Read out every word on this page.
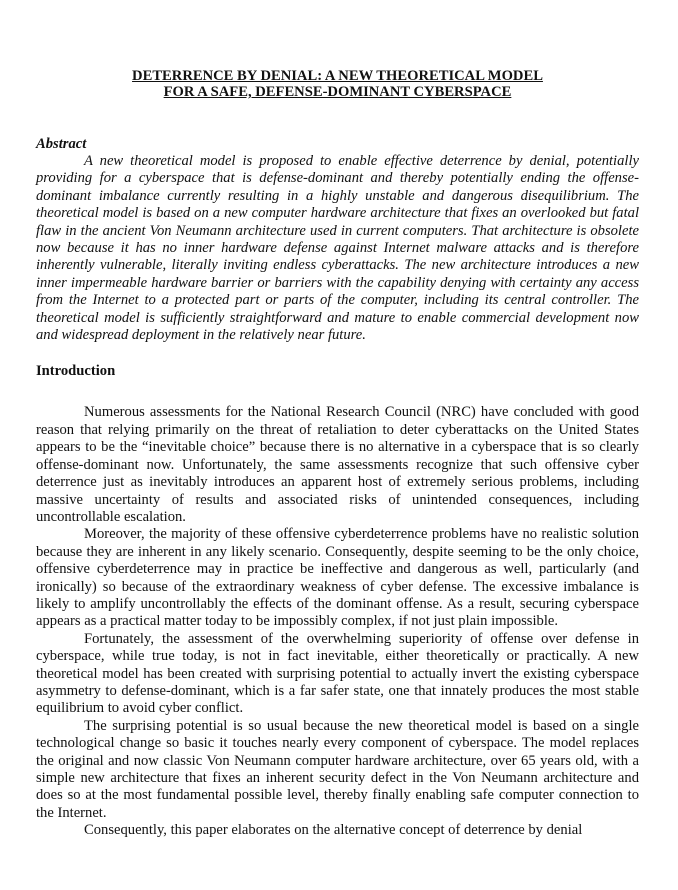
DETERRENCE BY DENIAL: A NEW THEORETICAL MODEL
FOR A SAFE, DEFENSE-DOMINANT CYBERSPACE
Abstract

A new theoretical model is proposed to enable effective deterrence by denial, potentially providing for a cyberspace that is defense-dominant and thereby potentially ending the offense-dominant imbalance currently resulting in a highly unstable and dangerous disequilibrium. The theoretical model is based on a new computer hardware architecture that fixes an overlooked but fatal flaw in the ancient Von Neumann architecture used in current computers. That architecture is obsolete now because it has no inner hardware defense against Internet malware attacks and is therefore inherently vulnerable, literally inviting endless cyberattacks. The new architecture introduces a new inner impermeable hardware barrier or barriers with the capability denying with certainty any access from the Internet to a protected part or parts of the computer, including its central controller. The theoretical model is sufficiently straightforward and mature to enable commercial development now and widespread deployment in the relatively near future.

Introduction

Numerous assessments for the National Research Council (NRC) have concluded with good reason that relying primarily on the threat of retaliation to deter cyberattacks on the United States appears to be the “inevitable choice” because there is no alternative in a cyberspace that is so clearly offense-dominant now. Unfortunately, the same assessments recognize that such offensive cyber deterrence just as inevitably introduces an apparent host of extremely serious problems, including massive uncertainty of results and associated risks of unintended consequences, including uncontrollable escalation.

Moreover, the majority of these offensive cyberdeterrence problems have no realistic solution because they are inherent in any likely scenario. Consequently, despite seeming to be the only choice, offensive cyberdeterrence may in practice be ineffective and dangerous as well, particularly (and ironically) so because of the extraordinary weakness of cyber defense. The excessive imbalance is likely to amplify uncontrollably the effects of the dominant offense. As a result, securing cyberspace appears as a practical matter today to be impossibly complex, if not just plain impossible.

Fortunately, the assessment of the overwhelming superiority of offense over defense in cyberspace, while true today, is not in fact inevitable, either theoretically or practically. A new theoretical model has been created with surprising potential to actually invert the existing cyberspace asymmetry to defense-dominant, which is a far safer state, one that innately produces the most stable equilibrium to avoid cyber conflict.

The surprising potential is so usual because the new theoretical model is based on a single technological change so basic it touches nearly every component of cyberspace. The model replaces the original and now classic Von Neumann computer hardware architecture, over 65 years old, with a simple new architecture that fixes an inherent security defect in the Von Neumann architecture and does so at the most fundamental possible level, thereby finally enabling safe computer connection to the Internet.

Consequently, this paper elaborates on the alternative concept of deterrence by denial
